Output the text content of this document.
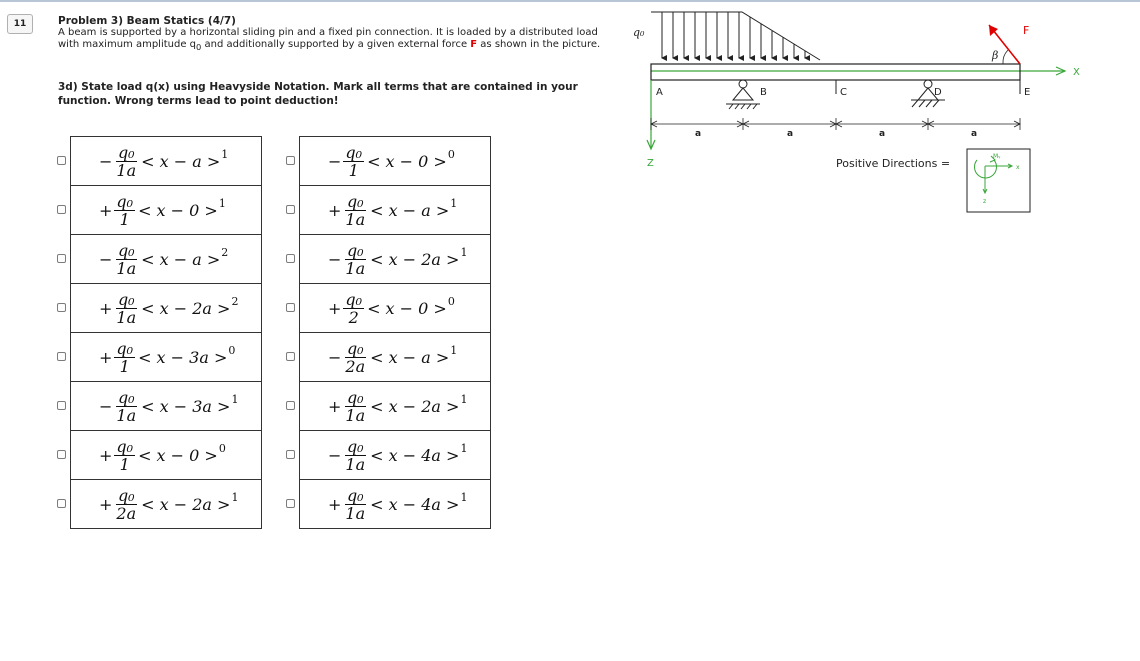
11	Problem 3) Beam Statics (4/7)
A beam is supported by a horizontal sliding pin and a fixed pin connection. It is loaded by a distributed load with maximum amplitude $q_0$ and additionally supported by a given external force F as shown in the picture.
3d) State load q(x) using Heavyside Notation. Mark all terms that are contained in your function. Wrong terms lead to point deduction!
− $\frac{\text{q₀}}{1a} < x - a > 1$
+ $\frac{\text{q₀}}{1} < x - 0 > 1$
− $\frac{\text{q₀}}{1a} < x - a > 2$
+ $\frac{\text{q₀}}{1a} < x - 2a > 2$
+ $\frac{\text{q₀}}{1} < x - 3a > 0$
− $\frac{\text{q₀}}{1a} < x - 3a > 1$
+ $\frac{\text{q₀}}{1} < x - 0 > 0$
+ $\frac{\text{q₀}}{2a} < x - 2a > 1$
− $\frac{\text{q₀}}{1} < x - 0 > 0$
+ $\frac{\text{q₀}}{1a} < x - a > 1$
− $\frac{\text{q₀}}{1a} < x - 2a > 1$
+ $\frac{\text{q₀}}{2} < x - 0 > 0$
− $\frac{\text{q₀}}{2a} < x - a > 1$
+ $\frac{\text{q₀}}{1a} < x - 2a > 1$
− $\frac{\text{q₀}}{1a} < x - 4a > 1$
+ $\frac{\text{q₀}}{1a} < x - 4a > 1$
q₀
X
Z
A	B	C	D	E
F
β
a	a	a	a
Positive Directions =
Mᵧ
x
z
